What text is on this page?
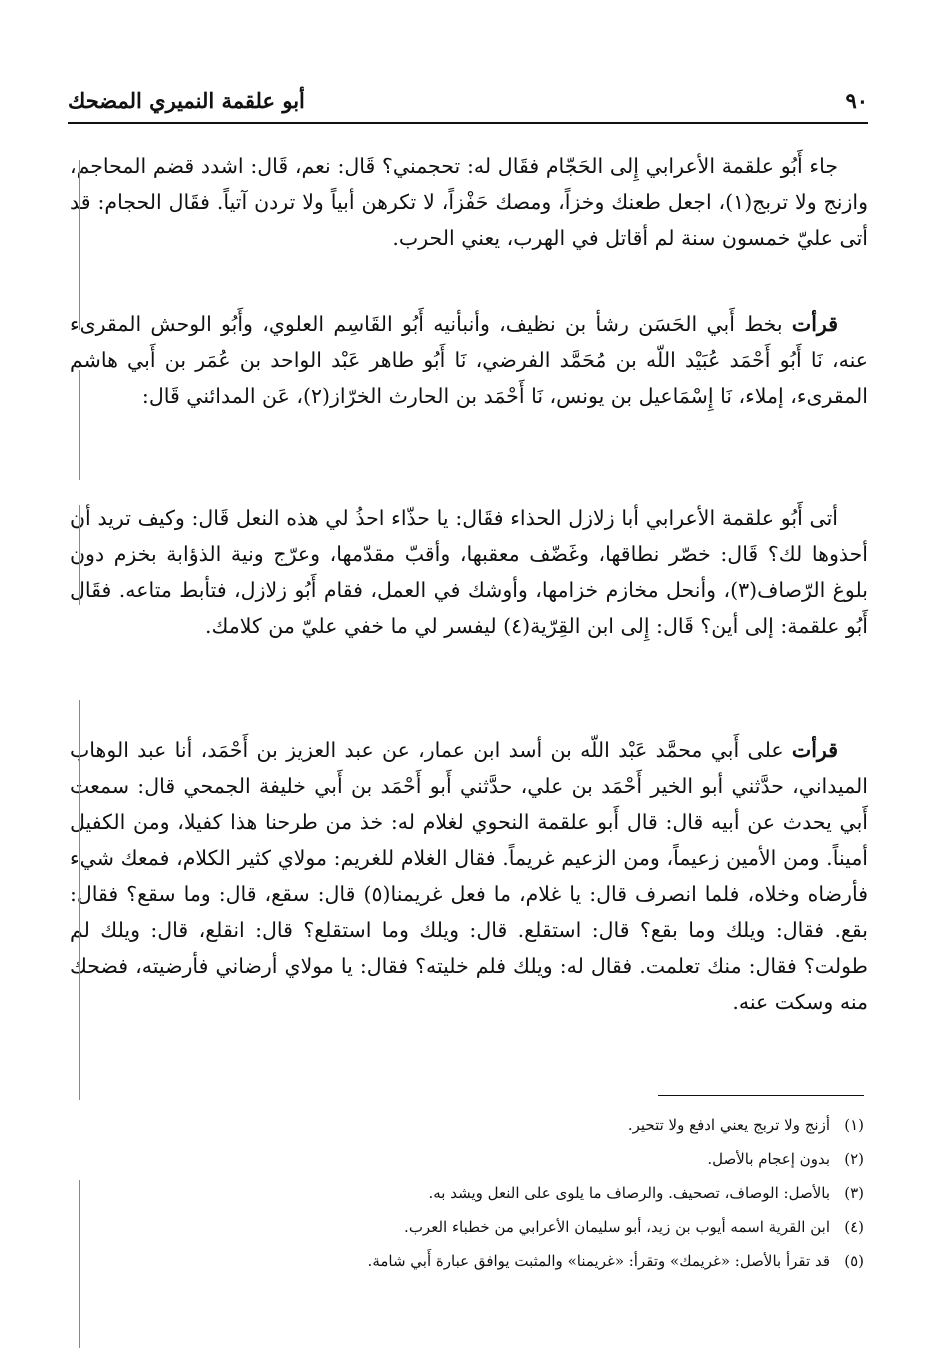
٩٠
أبو علقمة النميري المضحك

جاء أَبُو علقمة الأعرابي إِلى الحَجّام فقَال له: تحجمني؟ قَال: نعم، قَال: اشدد قضم المحاجم، وازنج ولا تربج(١)، اجعل طعنك وخزاً، ومصك حَفْزاً، لا تكرهن أبياً ولا تردن آتياً. فقَال الحجام: قد أتى عليّ خمسون سنة لم أقاتل في الهرب، يعني الحرب.

قرأت بخط أَبي الحَسَن رشأ بن نظيف، وأنبأنيه أَبُو القَاسِم العلوي، وأَبُو الوحش المقرىء عنه، نَا أَبُو أَحْمَد عُبَيْد اللّه بن مُحَمَّد الفرضي، نَا أَبُو طاهر عَبْد الواحد بن عُمَر بن أَبي هاشم المقرىء، إملاء، نَا إِسْمَاعيل بن يونس، نَا أَحْمَد بن الحارث الخرّاز(٢)، عَن المدائني قَال:

أتى أَبُو علقمة الأعرابي أبا زلازل الحذاء فقَال: يا حذّاء احذُ لي هذه النعل قَال: وكيف تريد أن أحذوها لك؟ قَال: خصّر نطاقها، وغَضّف معقبها، وأقبّ مقدّمها، وعرّج ونية الذؤابة بخزم دون بلوغ الرّصاف(٣)، وأنحل مخازم خزامها، وأوشك في العمل، فقام أَبُو زلازل، فتأبط متاعه. فقَال أَبُو علقمة: إلى أين؟ قَال: إِلى ابن القِرّية(٤) ليفسر لي ما خفي عليّ من كلامك.

قرأت على أَبي محمَّد عَبْد اللّه بن أسد ابن عمار، عن عبد العزيز بن أَحْمَد، أنا عبد الوهاب الميداني، حدَّثني أبو الخير أَحْمَد بن علي، حدَّثني أَبو أَحْمَد بن أَبي خليفة الجمحي قال: سمعت أَبي يحدث عن أبيه قال: قال أَبو علقمة النحوي لغلام له: خذ من طرحنا هذا كفيلا، ومن الكفيل أميناً. ومن الأمين زعيماً، ومن الزعيم غريماً. فقال الغلام للغريم: مولاي كثير الكلام، فمعك شيء فأرضاه وخلاه، فلما انصرف قال: يا غلام، ما فعل غريمنا(٥) قال: سقع، قال: وما سقع؟ فقال: بقع. فقال: ويلك وما بقع؟ قال: استقلع. قال: ويلك وما استقلع؟ قال: انقلع، قال: ويلك لم طولت؟ فقال: منك تعلمت. فقال له: ويلك فلم خليته؟ فقال: يا مولاي أرضاني فأرضيته، فضحك منه وسكت عنه.

(١)
أزنج ولا تربج يعني ادفع ولا تتحير.
(٢)
بدون إعجام بالأصل.
(٣)
بالأصل: الوصاف، تصحيف. والرصاف ما يلوى على النعل ويشد به.
(٤)
ابن القرية اسمه أيوب بن زيد، أبو سليمان الأعرابي من خطباء العرب.
(٥)
قد تقرأ بالأصل: «غريمك» وتقرأ: «غريمنا» والمثبت يوافق عبارة أَبي شامة.
